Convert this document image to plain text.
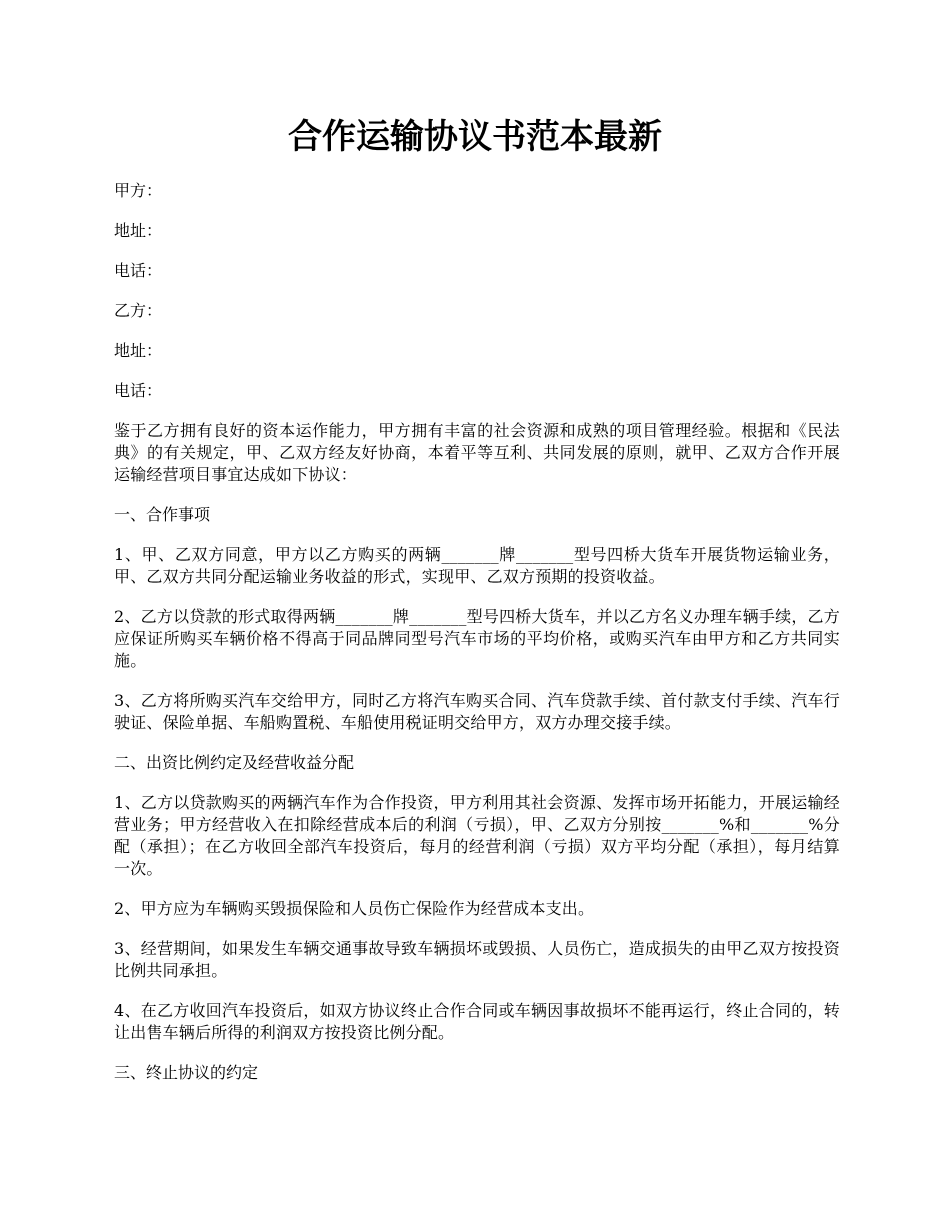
合作运输协议书范本最新

甲方：

地址：

电话：

乙方：

地址：

电话：

鉴于乙方拥有良好的资本运作能力，甲方拥有丰富的社会资源和成熟的项目管理经验。根据和《民法典》的有关规定，甲、乙双方经友好协商，本着平等互利、共同发展的原则，就甲、乙双方合作开展运输经营项目事宜达成如下协议：

一、合作事项

1、甲、乙双方同意，甲方以乙方购买的两辆_______牌_______型号四桥大货车开展货物运输业务，甲、乙双方共同分配运输业务收益的形式，实现甲、乙双方预期的投资收益。

2、乙方以贷款的形式取得两辆_______牌_______型号四桥大货车，并以乙方名义办理车辆手续，乙方应保证所购买车辆价格不得高于同品牌同型号汽车市场的平均价格，或购买汽车由甲方和乙方共同实施。

3、乙方将所购买汽车交给甲方，同时乙方将汽车购买合同、汽车贷款手续、首付款支付手续、汽车行驶证、保险单据、车船购置税、车船使用税证明交给甲方，双方办理交接手续。

二、出资比例约定及经营收益分配

1、乙方以贷款购买的两辆汽车作为合作投资，甲方利用其社会资源、发挥市场开拓能力，开展运输经营业务；甲方经营收入在扣除经营成本后的利润（亏损），甲、乙双方分别按_______%和_______%分配（承担）；在乙方收回全部汽车投资后，每月的经营利润（亏损）双方平均分配（承担），每月结算一次。

2、甲方应为车辆购买毁损保险和人员伤亡保险作为经营成本支出。

3、经营期间，如果发生车辆交通事故导致车辆损坏或毁损、人员伤亡，造成损失的由甲乙双方按投资比例共同承担。

4、在乙方收回汽车投资后，如双方协议终止合作合同或车辆因事故损坏不能再运行，终止合同的，转让出售车辆后所得的利润双方按投资比例分配。

三、终止协议的约定
